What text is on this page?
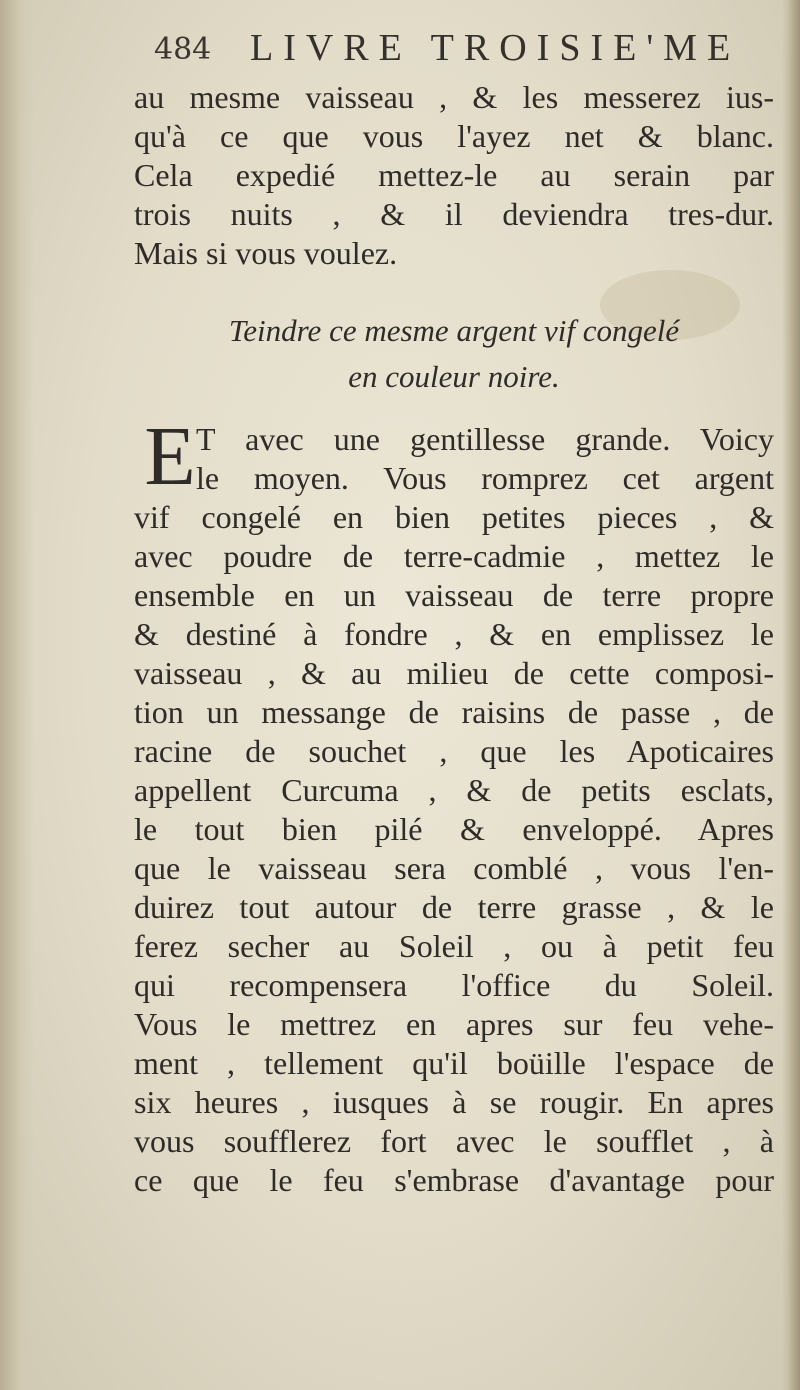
484 LIVRE TROISIE'ME
au mesme vaisseau , & les messerez ius-
qu'à ce que vous l'ayez net & blanc.
Cela expedié mettez-le au serain par
trois nuits , & il deviendra tres-dur.
Mais si vous voulez.
Teindre ce mesme argent vif congelé
en couleur noire.
E T avec une gentillesse grande. Voicy
le moyen. Vous romprez cet argent
vif congelé en bien petites pieces , &
avec poudre de terre-cadmie , mettez le
ensemble en un vaisseau de terre propre
& destiné à fondre , & en emplissez le
vaisseau , & au milieu de cette composi-
tion un messange de raisins de passe , de
racine de souchet , que les Apoticaires
appellent Curcuma , & de petits esclats,
le tout bien pilé & enveloppé. Apres
que le vaisseau sera comblé , vous l'en-
duirez tout autour de terre grasse , & le
ferez secher au Soleil , ou à petit feu
qui recompensera l'office du Soleil.
Vous le mettrez en apres sur feu vehe-
ment , tellement qu'il boüille l'espace de
six heures , iusques à se rougir. En apres
vous soufflerez fort avec le soufflet , à
ce que le feu s'embrase d'avantage pour
